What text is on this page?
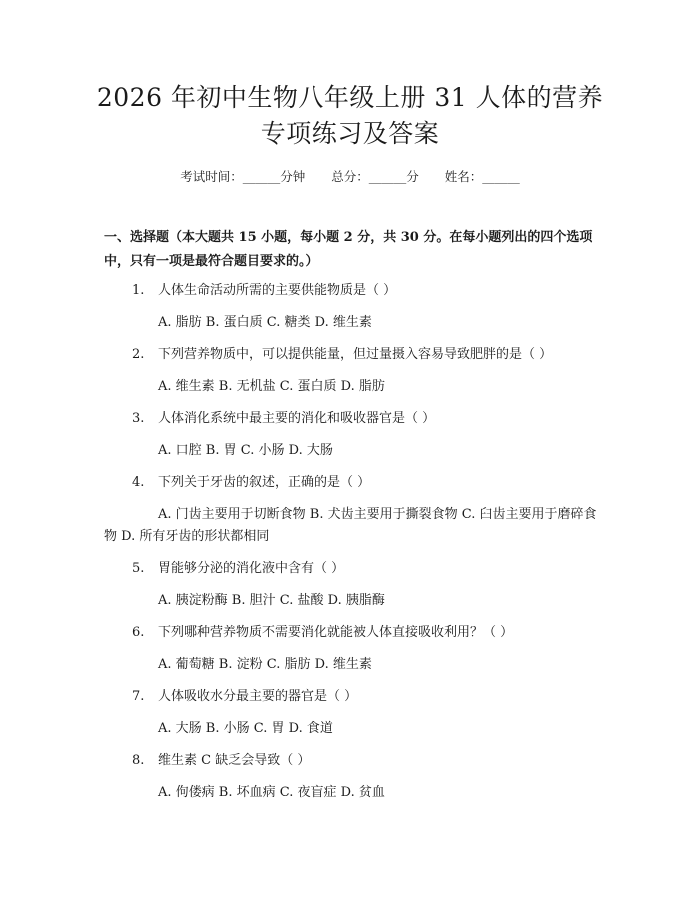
2026 年初中生物八年级上册 31 人体的营养
专项练习及答案
考试时间：______分钟 总分：______分 姓名：______
一、选择题（本大题共 15 小题，每小题 2 分，共 30 分。在每小题列出的四个选项中，只有一项是最符合题目要求的。）
1.	人体生命活动所需的主要供能物质是（ ）
A. 脂肪 B. 蛋白质 C. 糖类 D. 维生素
2.	下列营养物质中，可以提供能量，但过量摄入容易导致肥胖的是（ ）
A. 维生素 B. 无机盐 C. 蛋白质 D. 脂肪
3.	人体消化系统中最主要的消化和吸收器官是（ ）
A. 口腔 B. 胃 C. 小肠 D. 大肠
4.	下列关于牙齿的叙述，正确的是（ ）
A. 门齿主要用于切断食物 B. 犬齿主要用于撕裂食物 C. 臼齿主要用于磨碎食物 D. 所有牙齿的形状都相同
5.	胃能够分泌的消化液中含有（ ）
A. 胰淀粉酶 B. 胆汁 C. 盐酸 D. 胰脂酶
6.	下列哪种营养物质不需要消化就能被人体直接吸收利用？（ ）
A. 葡萄糖 B. 淀粉 C. 脂肪 D. 维生素
7.	人体吸收水分最主要的器官是（ ）
A. 大肠 B. 小肠 C. 胃 D. 食道
8.	维生素 C 缺乏会导致（ ）
A. 佝偻病 B. 坏血病 C. 夜盲症 D. 贫血
